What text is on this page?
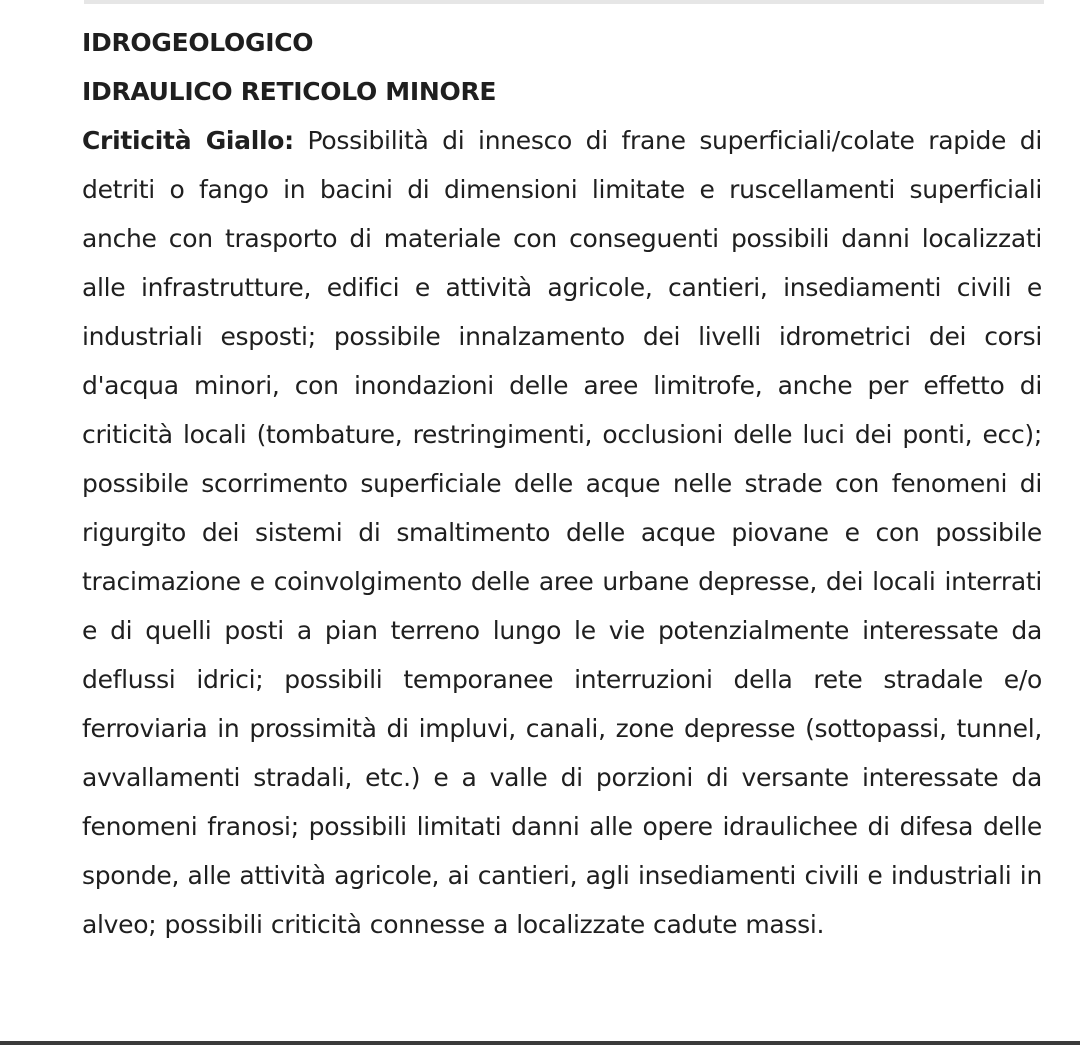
IDROGEOLOGICO

IDRAULICO RETICOLO MINORE

Criticità Giallo: Possibilità di innesco di frane superficiali/colate rapide di detriti o fango in bacini di dimensioni limitate e ruscellamenti superficiali anche con trasporto di materiale con conseguenti possibili danni localizzati alle infrastrutture, edifici e attività agricole, cantieri, insediamenti civili e industriali esposti; possibile innalzamento dei livelli idrometrici dei corsi d'acqua minori, con inondazioni delle aree limitrofe, anche per effetto di criticità locali (tombature, restringimenti, occlusioni delle luci dei ponti, ecc); possibile scorrimento superficiale delle acque nelle strade con fenomeni di rigurgito dei sistemi di smaltimento delle acque piovane e con possibile tracimazione e coinvolgimento delle aree urbane depresse, dei locali interrati e di quelli posti a pian terreno lungo le vie potenzialmente interessate da deflussi idrici; possibili temporanee interruzioni della rete stradale e/o ferroviaria in prossimità di impluvi, canali, zone depresse (sottopassi, tunnel, avvallamenti stradali, etc.) e a valle di porzioni di versante interessate da fenomeni franosi; possibili limitati danni alle opere idraulichee di difesa delle sponde, alle attività agricole, ai cantieri, agli insediamenti civili e industriali in alveo; possibili criticità connesse a localizzate cadute massi.
